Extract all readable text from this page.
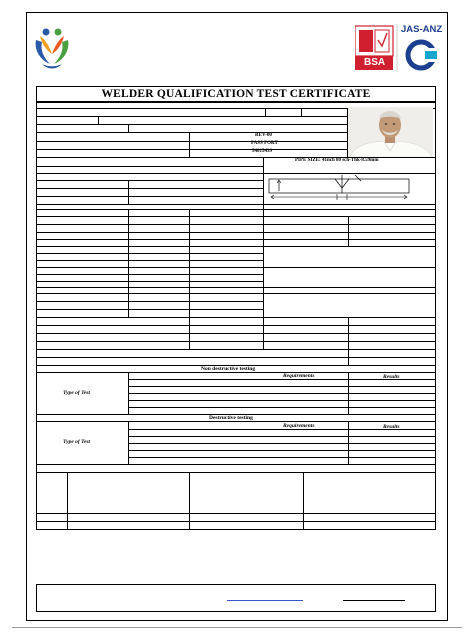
BSA
JAS-ANZ
WELDER QUALIFICATION TEST CERTIFICATE
REV-00
PASS PORT
54015499
PIPE SIZE: 41nch 80 sch-Thk-8.59mm
Non destructive testing
Requirements	Results
Type of Test
Destructive testing
Requirements	Results
Type of Test
